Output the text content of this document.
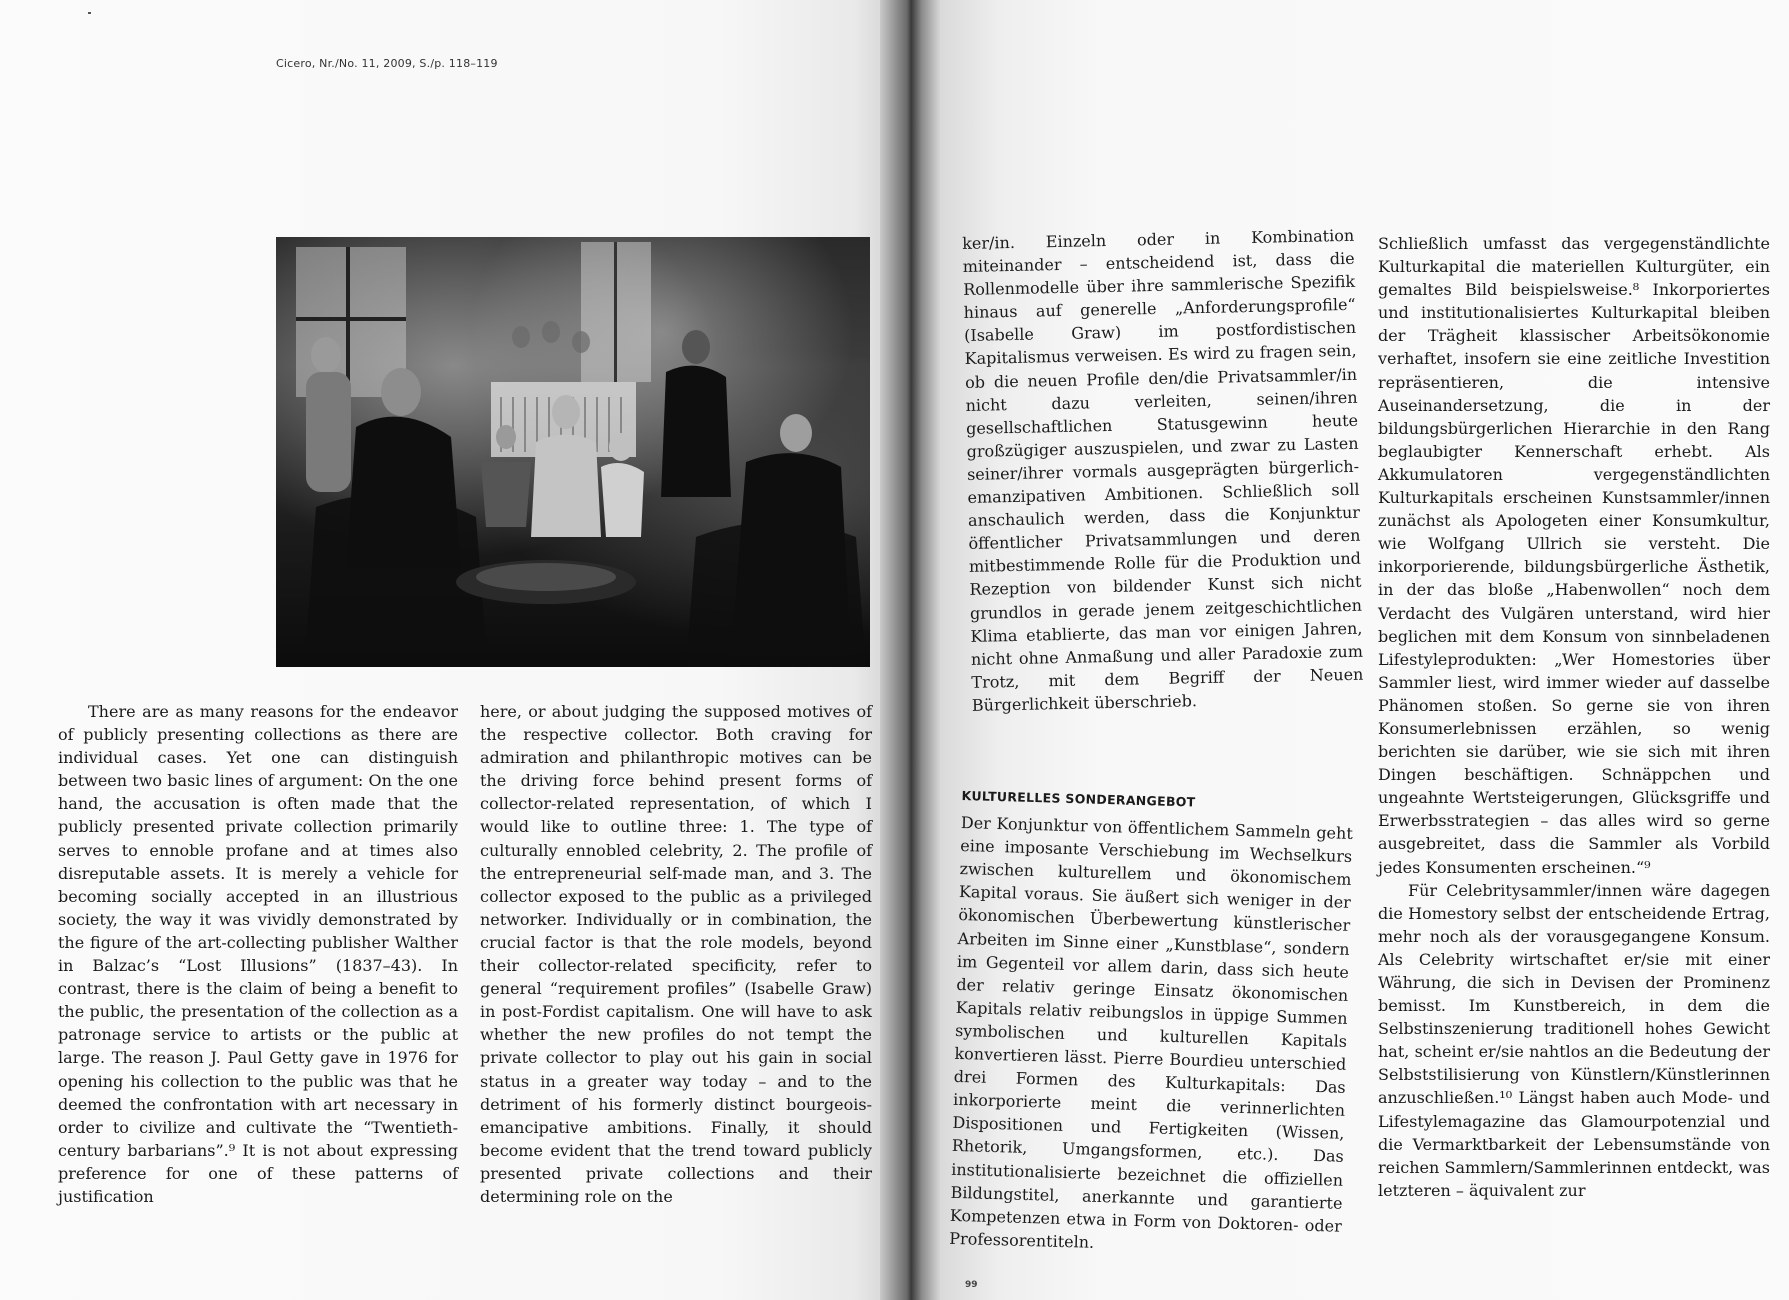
Cicero, Nr./No. 11, 2009, S./p. 118–119

There are as many reasons for the endeavor of publicly presenting collections as there are individual cases. Yet one can distinguish between two basic lines of argument: On the one hand, the accusation is often made that the publicly presented private collection primarily serves to ennoble profane and at times also disreputable assets. It is merely a vehicle for becoming socially accepted in an illustrious society, the way it was vividly demonstrated by the figure of the art-collecting publisher Walther in Balzac’s “Lost Illusions” (1837–43). In contrast, there is the claim of being a benefit to the public, the presentation of the collection as a patronage service to artists or the public at large. The reason J. Paul Getty gave in 1976 for opening his collection to the public was that he deemed the confrontation with art necessary in order to civilize and cultivate the “Twentieth-century barbarians”.⁹ It is not about expressing preference for one of these patterns of justification

here, or about judging the supposed motives of the respective collector. Both craving for admiration and philanthropic motives can be the driving force behind present forms of collector-related representation, of which I would like to outline three: 1. The type of culturally ennobled celebrity, 2. The profile of the entrepreneurial self-made man, and 3. The collector exposed to the public as a privileged networker. Individually or in combination, the crucial factor is that the role models, beyond their collector-related specificity, refer to general “requirement profiles” (Isabelle Graw) in post-Fordist capitalism. One will have to ask whether the new profiles do not tempt the private collector to play out his gain in social status in a greater way today – and to the detriment of his formerly distinct bourgeois-emancipative ambitions. Finally, it should become evident that the trend toward publicly presented private collections and their determining role on the

ker/in. Einzeln oder in Kombination miteinander – entscheidend ist, dass die Rollenmodelle über ihre sammlerische Spezifik hinaus auf generelle „Anforderungsprofile“ (Isabelle Graw) im postfordistischen Kapitalismus verweisen. Es wird zu fragen sein, ob die neuen Profile den/die Privatsammler/in nicht dazu verleiten, seinen/ihren gesellschaftlichen Statusgewinn heute großzügiger auszuspielen, und zwar zu Lasten seiner/ihrer vormals ausgeprägten bürgerlich-emanzipativen Ambitionen. Schließlich soll anschaulich werden, dass die Konjunktur öffentlicher Privatsammlungen und deren mitbestimmende Rolle für die Produktion und Rezeption von bildender Kunst sich nicht grundlos in gerade jenem zeitgeschichtlichen Klima etablierte, das man vor einigen Jahren, nicht ohne Anmaßung und aller Paradoxie zum Trotz, mit dem Begriff der Neuen Bürgerlichkeit überschrieb.

KULTURELLES SONDERANGEBOT

Der Konjunktur von öffentlichem Sammeln geht eine imposante Verschiebung im Wechselkurs zwischen kulturellem und ökonomischem Kapital voraus. Sie äußert sich weniger in der ökonomischen Überbewertung künstlerischer Arbeiten im Sinne einer „Kunstblase“, sondern im Gegenteil vor allem darin, dass sich heute der relativ geringe Einsatz ökonomischen Kapitals relativ reibungslos in üppige Summen symbolischen und kulturellen Kapitals konvertieren lässt. Pierre Bourdieu unterschied drei Formen des Kulturkapitals: Das inkorporierte meint die verinnerlichten Dispositionen und Fertigkeiten (Wissen, Rhetorik, Umgangsformen, etc.). Das institutionalisierte bezeichnet die offiziellen Bildungstitel, anerkannte und garantierte Kompetenzen etwa in Form von Doktoren- oder Professorentiteln.

Schließlich umfasst das vergegenständlichte Kulturkapital die materiellen Kulturgüter, ein gemaltes Bild beispielsweise.⁸ Inkorporiertes und institutionalisiertes Kulturkapital bleiben der Trägheit klassischer Arbeitsökonomie verhaftet, insofern sie eine zeitliche Investition repräsentieren, die intensive Auseinandersetzung, die in der bildungsbürgerlichen Hierarchie in den Rang beglaubigter Kennerschaft erhebt. Als Akkumulatoren vergegenständlichten Kulturkapitals erscheinen Kunstsammler/innen zunächst als Apologeten einer Konsumkultur, wie Wolfgang Ullrich sie versteht. Die inkorporierende, bildungsbürgerliche Ästhetik, in der das bloße „Habenwollen“ noch dem Verdacht des Vulgären unterstand, wird hier beglichen mit dem Konsum von sinnbeladenen Lifestyleprodukten: „Wer Homestories über Sammler liest, wird immer wieder auf dasselbe Phänomen stoßen. So gerne sie von ihren Konsumerlebnissen erzählen, so wenig berichten sie darüber, wie sie sich mit ihren Dingen beschäftigen. Schnäppchen und ungeahnte Wertsteigerungen, Glücksgriffe und Erwerbsstrategien – das alles wird so gerne ausgebreitet, dass die Sammler als Vorbild jedes Konsumenten erscheinen.“⁹

Für Celebritysammler/innen wäre dagegen die Homestory selbst der entscheidende Ertrag, mehr noch als der vorausgegangene Konsum. Als Celebrity wirtschaftet er/sie mit einer Währung, die sich in Devisen der Prominenz bemisst. Im Kunstbereich, in dem die Selbstinszenierung traditionell hohes Gewicht hat, scheint er/sie nahtlos an die Bedeutung der Selbststilisierung von Künstlern/Künstlerinnen anzuschließen.¹⁰ Längst haben auch Mode- und Lifestylemagazine das Glamourpotenzial und die Vermarktbarkeit der Lebensumstände von reichen Sammlern/Sammlerinnen entdeckt, was letzteren – äquivalent zur

99
